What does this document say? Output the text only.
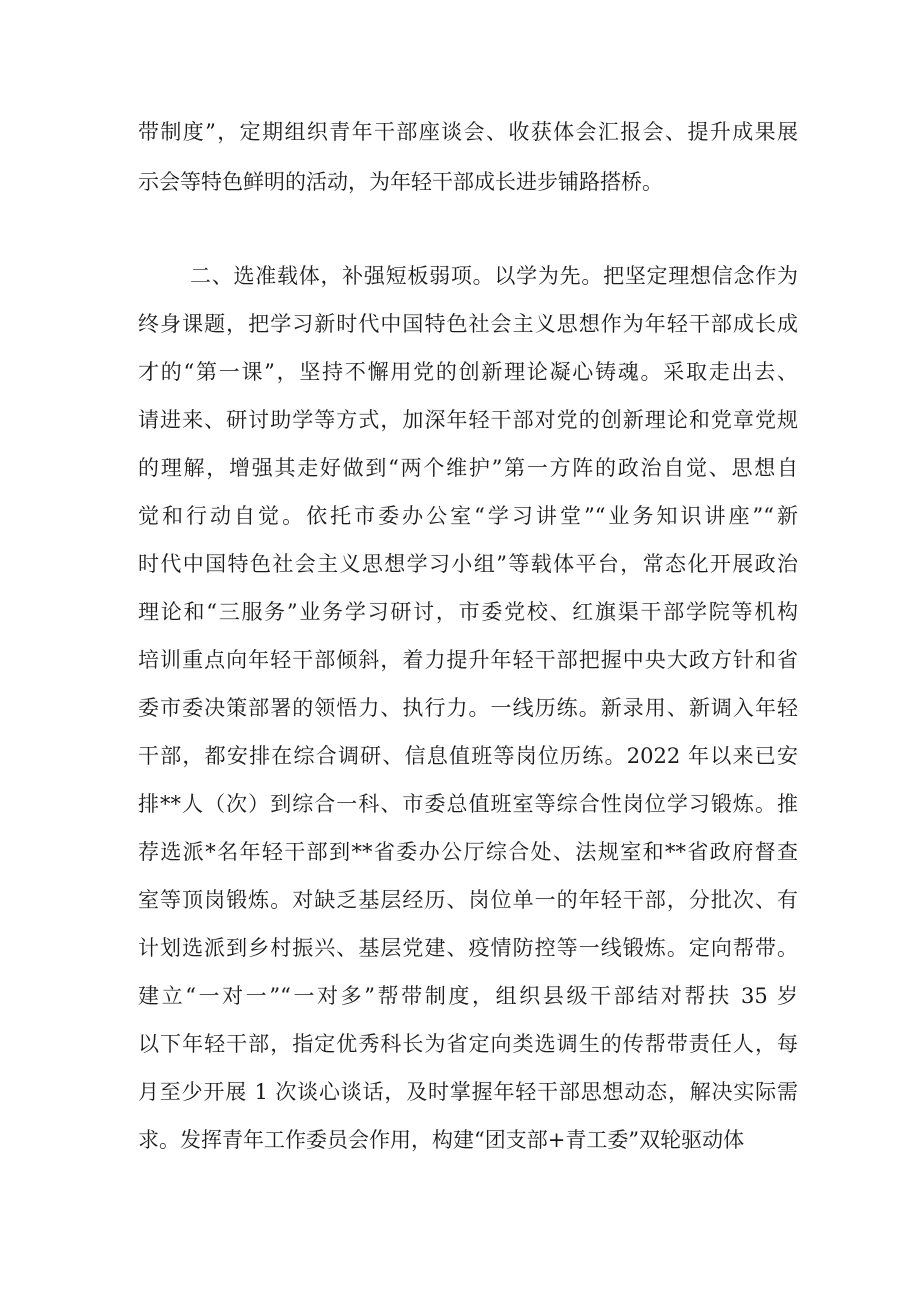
带制度”，定期组织青年干部座谈会、收获体会汇报会、提升成果展
示会等特色鲜明的活动，为年轻干部成长进步铺路搭桥。
二、选准载体，补强短板弱项。以学为先。把坚定理想信念作为
终身课题，把学习新时代中国特色社会主义思想作为年轻干部成长成
才的“第一课”，坚持不懈用党的创新理论凝心铸魂。采取走出去、
请进来、研讨助学等方式，加深年轻干部对党的创新理论和党章党规
的理解，增强其走好做到“两个维护”第一方阵的政治自觉、思想自
觉和行动自觉。依托市委办公室“学习讲堂”“业务知识讲座”“新
时代中国特色社会主义思想学习小组”等载体平台，常态化开展政治
理论和“三服务”业务学习研讨，市委党校、红旗渠干部学院等机构
培训重点向年轻干部倾斜，着力提升年轻干部把握中央大政方针和省
委市委决策部署的领悟力、执行力。一线历练。新录用、新调入年轻
干部，都安排在综合调研、信息值班等岗位历练。2022 年以来已安
排**人（次）到综合一科、市委总值班室等综合性岗位学习锻炼。推
荐选派*名年轻干部到**省委办公厅综合处、法规室和**省政府督查
室等顶岗锻炼。对缺乏基层经历、岗位单一的年轻干部，分批次、有
计划选派到乡村振兴、基层党建、疫情防控等一线锻炼。定向帮带。
建立“一对一”“一对多”帮带制度，组织县级干部结对帮扶 35 岁
以下年轻干部，指定优秀科长为省定向类选调生的传帮带责任人，每
月至少开展 1 次谈心谈话，及时掌握年轻干部思想动态，解决实际需
求。发挥青年工作委员会作用，构建“团支部+青工委”双轮驱动体
